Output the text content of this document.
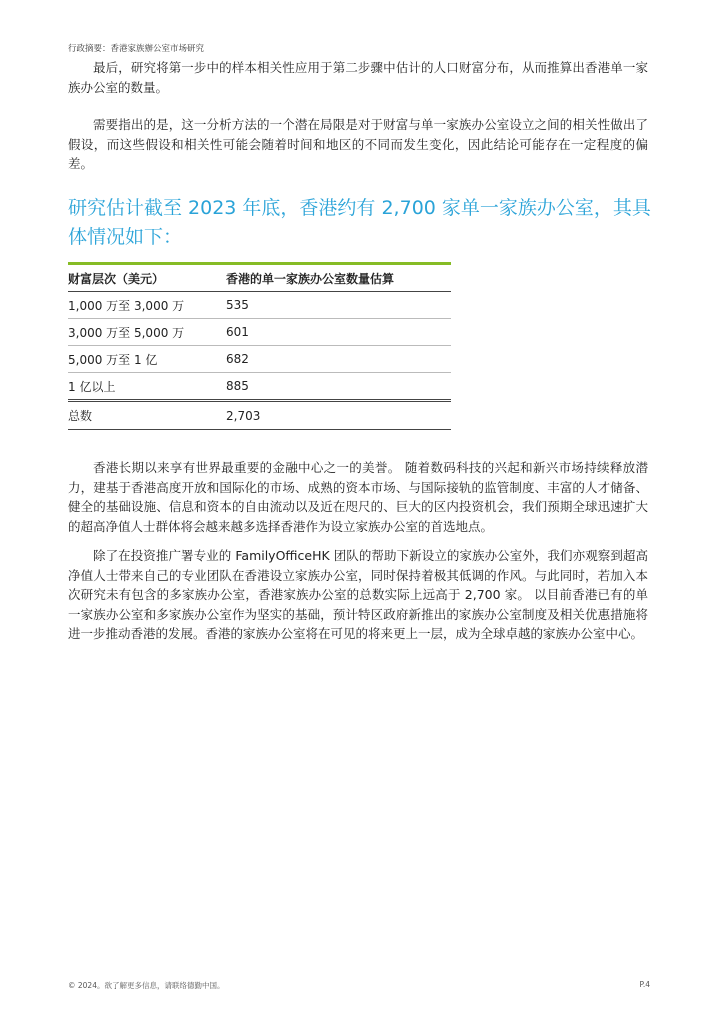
行政摘要：香港家族辦公室市场研究

最后，研究将第一步中的样本相关性应用于第二步骤中估计的人口财富分布，从而推算出香港单一家族办公室的数量。

需要指出的是，这一分析方法的一个潜在局限是对于财富与单一家族办公室设立之间的相关性做出了假设，而这些假设和相关性可能会随着时间和地区的不同而发生变化，因此结论可能存在一定程度的偏差。

研究估计截至 2023 年底，香港约有 2,700 家单一家族办公室，其具体情况如下：
财富层次（美元）	香港的单一家族办公室数量估算
1,000 万至 3,000 万	535
3,000 万至 5,000 万	601
5,000 万至 1 亿	682
1 亿以上	885
总数	2,703

香港长期以来享有世界最重要的金融中心之一的美誉。 随着数码科技的兴起和新兴市场持续释放潜力，建基于香港高度开放和国际化的市场、成熟的资本市场、与国际接轨的监管制度、丰富的人才储备、健全的基础设施、信息和资本的自由流动以及近在咫尺的、巨大的区内投资机会，我们预期全球迅速扩大的超高净值人士群体将会越来越多选择香港作为设立家族办公室的首选地点。

除了在投资推广署专业的 FamilyOfficeHK 团队的帮助下新设立的家族办公室外，我们亦观察到超高净值人士带来自己的专业团队在香港设立家族办公室，同时保持着极其低调的作风。与此同时，若加入本次研究未有包含的多家族办公室，香港家族办公室的总数实际上远高于 2,700 家。 以目前香港已有的单一家族办公室和多家族办公室作为坚实的基础，预计特区政府新推出的家族办公室制度及相关优惠措施将进一步推动香港的发展。香港的家族办公室将在可见的将来更上一层，成为全球卓越的家族办公室中心。

© 2024。欲了解更多信息，请联络德勤中国。	P.4
